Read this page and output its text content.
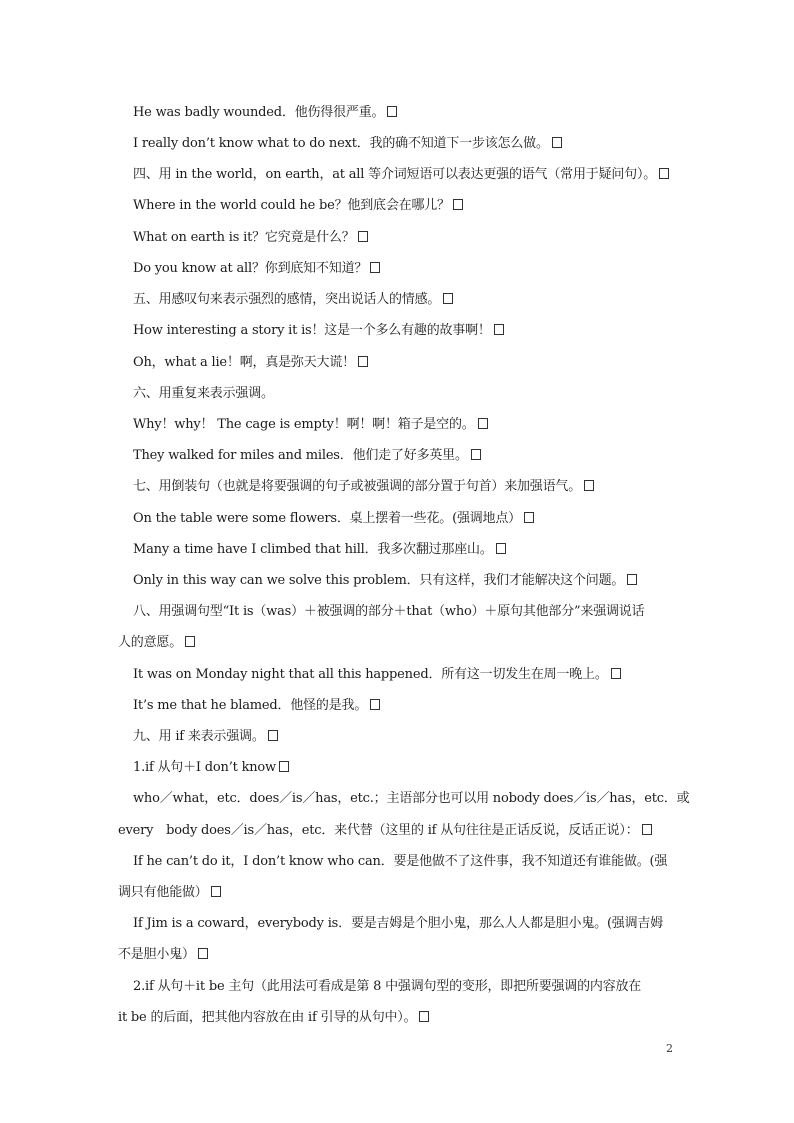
He was badly wounded．他伤得很严重。
I really don’t know what to do next．我的确不知道下一步该怎么做。
四、用 in the world，on earth，at all 等介词短语可以表达更强的语气（常用于疑问句）。
Where in the world could he be？他到底会在哪儿？
What on earth is it？它究竟是什么？
Do you know at all？你到底知不知道？
五、用感叹句来表示强烈的感情，突出说话人的情感。
How interesting a story it is！这是一个多么有趣的故事啊！
Oh，what a lie！啊，真是弥天大谎！
六、用重复来表示强调。
Why！why！ The cage is empty！啊！啊！箱子是空的。
They walked for miles and miles．他们走了好多英里。
七、用倒装句（也就是将要强调的句子或被强调的部分置于句首）来加强语气。
On the table were some flowers．桌上摆着一些花。(强调地点）
Many a time have I climbed that hill．我多次翻过那座山。
Only in this way can we solve this problem．只有这样，我们才能解决这个问题。
八、用强调句型“It is（was）＋被强调的部分＋that（who）＋原句其他部分”来强调说话
人的意愿。
It was on Monday night that all this happened．所有这一切发生在周一晚上。
It’s me that he blamed．他怪的是我。
九、用 if 来表示强调。
1.if 从句＋I don’t know
who／what，etc．does／is／has，etc.；主语部分也可以用 nobody does／is／has，etc．或
every　body does／is／has，etc．来代替（这里的 if 从句往往是正话反说，反话正说）：
If he can’t do it，I don’t know who can．要是他做不了这件事，我不知道还有谁能做。(强
调只有他能做）
If Jim is a coward，everybody is．要是吉姆是个胆小鬼，那么人人都是胆小鬼。(强调吉姆
不是胆小鬼）
2.if 从句＋it be 主句（此用法可看成是第 8 中强调句型的变形，即把所要强调的内容放在
it be 的后面，把其他内容放在由 if 引导的从句中）。
2
